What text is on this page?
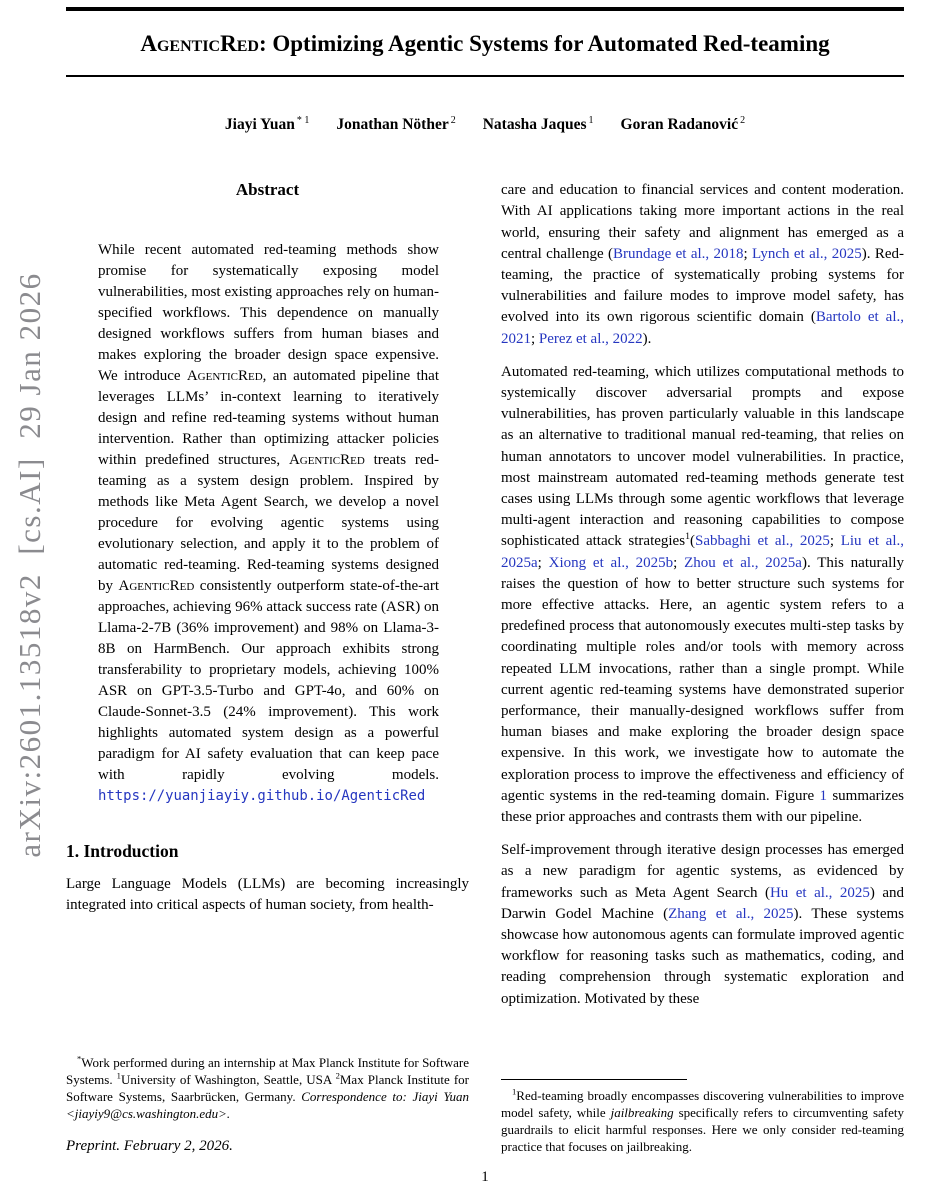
arXiv:2601.13518v2  [cs.AI]  29 Jan 2026
AgenticRed: Optimizing Agentic Systems for Automated Red-teaming
Jiayi Yuan $^{* 1}$ Jonathan Nöther $^2$ Natasha Jaques $^1$ Goran Radanović $^2$
Abstract
While recent automated red-teaming methods show promise for systematically exposing model vulnerabilities, most existing approaches rely on human-specified workflows. This dependence on manually designed workflows suffers from human biases and makes exploring the broader design space expensive. We introduce AgenticRed, an automated pipeline that leverages LLMs’ in-context learning to iteratively design and refine red-teaming systems without human intervention. Rather than optimizing attacker policies within predefined structures, AgenticRed treats red-teaming as a system design problem. Inspired by methods like Meta Agent Search, we develop a novel procedure for evolving agentic systems using evolutionary selection, and apply it to the problem of automatic red-teaming. Red-teaming systems designed by AgenticRed consistently outperform state-of-the-art approaches, achieving 96% attack success rate (ASR) on Llama-2-7B (36% improvement) and 98% on Llama-3-8B on HarmBench. Our approach exhibits strong transferability to proprietary models, achieving 100% ASR on GPT-3.5-Turbo and GPT-4o, and 60% on Claude-Sonnet-3.5 (24% improvement). This work highlights automated system design as a powerful paradigm for AI safety evaluation that can keep pace with rapidly evolving models. https://yuanjiayiy.github.io/AgenticRed
1. Introduction

Large Language Models (LLMs) are becoming increasingly integrated into critical aspects of human society, from health-

*Work performed during an internship at Max Planck Institute for Software Systems. $^1$University of Washington, Seattle, USA $^2$Max Planck Institute for Software Systems, Saarbrücken, Germany. Correspondence to: Jiayi Yuan <jiayiy9@cs.washington.edu>.

Preprint. February 2, 2026.

care and education to financial services and content moderation. With AI applications taking more important actions in the real world, ensuring their safety and alignment has emerged as a central challenge (Brundage et al., 2018; Lynch et al., 2025). Red-teaming, the practice of systematically probing systems for vulnerabilities and failure modes to improve model safety, has evolved into its own rigorous scientific domain (Bartolo et al., 2021; Perez et al., 2022).

Automated red-teaming, which utilizes computational methods to systemically discover adversarial prompts and expose vulnerabilities, has proven particularly valuable in this landscape as an alternative to traditional manual red-teaming, that relies on human annotators to uncover model vulnerabilities. In practice, most mainstream automated red-teaming methods generate test cases using LLMs through some agentic workflows that leverage multi-agent interaction and reasoning capabilities to compose sophisticated attack strategies$^1$(Sabbaghi et al., 2025; Liu et al., 2025a; Xiong et al., 2025b; Zhou et al., 2025a). This naturally raises the question of how to better structure such systems for more effective attacks. Here, an agentic system refers to a predefined process that autonomously executes multi-step tasks by coordinating multiple roles and/or tools with memory across repeated LLM invocations, rather than a single prompt. While current agentic red-teaming systems have demonstrated superior performance, their manually-designed workflows suffer from human biases and make exploring the broader design space expensive. In this work, we investigate how to automate the exploration process to improve the effectiveness and efficiency of agentic systems in the red-teaming domain. Figure 1 summarizes these prior approaches and contrasts them with our pipeline.

Self-improvement through iterative design processes has emerged as a new paradigm for agentic systems, as evidenced by frameworks such as Meta Agent Search (Hu et al., 2025) and Darwin Godel Machine (Zhang et al., 2025). These systems showcase how autonomous agents can formulate improved agentic workflow for reasoning tasks such as mathematics, coding, and reading comprehension through systematic exploration and optimization. Motivated by these

$^1$Red-teaming broadly encompasses discovering vulnerabilities to improve model safety, while jailbreaking specifically refers to circumventing safety guardrails to elicit harmful responses. Here we only consider red-teaming practice that focuses on jailbreaking.

1
